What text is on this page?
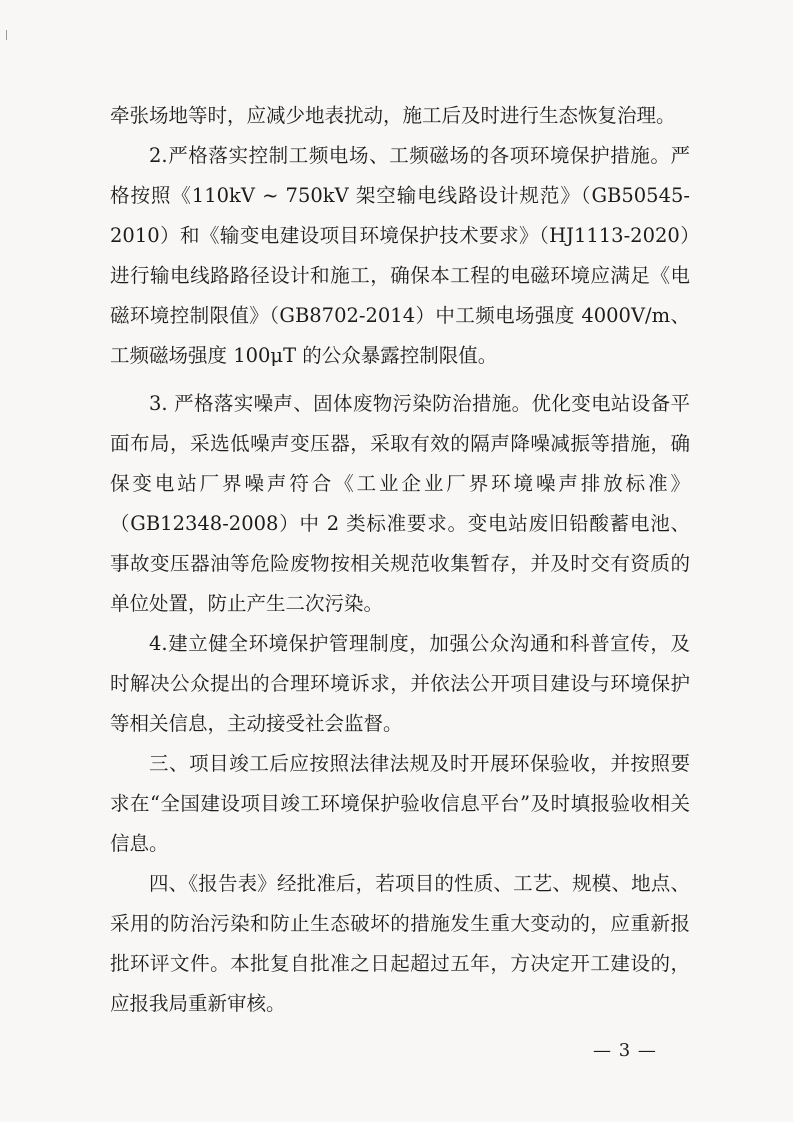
牵张场地等时，应减少地表扰动，施工后及时进行生态恢复治理。

2.严格落实控制工频电场、工频磁场的各项环境保护措施。严格按照《110kV ~ 750kV 架空输电线路设计规范》（GB50545-2010）和《输变电建设项目环境保护技术要求》（HJ1113-2020）进行输电线路路径设计和施工，确保本工程的电磁环境应满足《电磁环境控制限值》（GB8702-2014）中工频电场强度 4000V/m、工频磁场强度 100μT 的公众暴露控制限值。

3. 严格落实噪声、固体废物污染防治措施。优化变电站设备平面布局，采选低噪声变压器，采取有效的隔声降噪减振等措施，确保变电站厂界噪声符合《工业企业厂界环境噪声排放标准》（GB12348-2008）中 2 类标准要求。变电站废旧铅酸蓄电池、事故变压器油等危险废物按相关规范收集暂存，并及时交有资质的单位处置，防止产生二次污染。

4.建立健全环境保护管理制度，加强公众沟通和科普宣传，及时解决公众提出的合理环境诉求，并依法公开项目建设与环境保护等相关信息，主动接受社会监督。

三、项目竣工后应按照法律法规及时开展环保验收，并按照要求在“全国建设项目竣工环境保护验收信息平台”及时填报验收相关信息。

四、《报告表》经批准后，若项目的性质、工艺、规模、地点、采用的防治污染和防止生态破坏的措施发生重大变动的，应重新报批环评文件。本批复自批准之日起超过五年，方决定开工建设的，应报我局重新审核。

— 3 —
